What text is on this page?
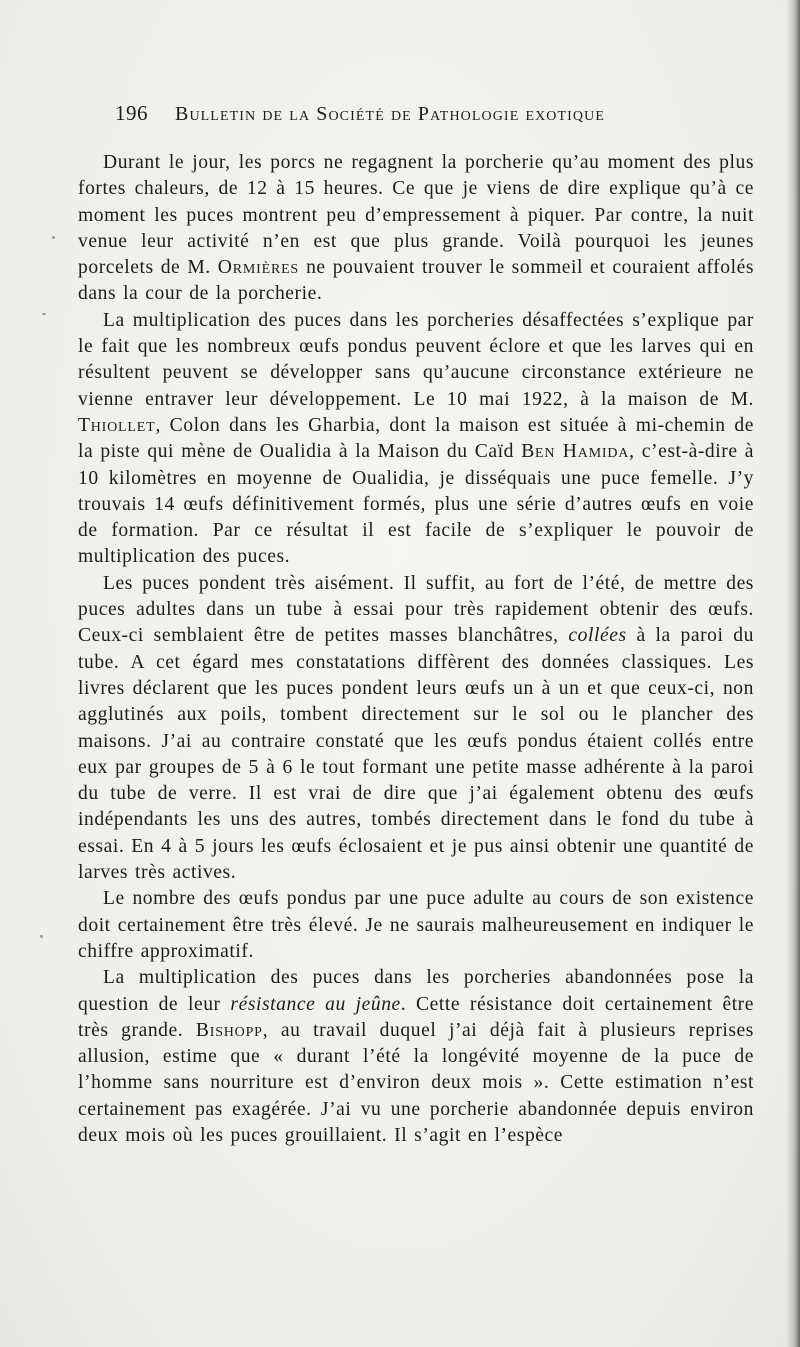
196 Bulletin de la Société de Pathologie exotique

Durant le jour, les porcs ne regagnent la porcherie qu’au moment des plus fortes chaleurs, de 12 à 15 heures. Ce que je viens de dire explique qu’à ce moment les puces montrent peu d’empressement à piquer. Par contre, la nuit venue leur activité n’en est que plus grande. Voilà pourquoi les jeunes porcelets de M. Ormières ne pouvaient trouver le sommeil et couraient affolés dans la cour de la porcherie.

La multiplication des puces dans les porcheries désaffectées s’explique par le fait que les nombreux œufs pondus peuvent éclore et que les larves qui en résultent peuvent se développer sans qu’aucune circonstance extérieure ne vienne entraver leur développement. Le 10 mai 1922, à la maison de M. Thiollet, Colon dans les Gharbia, dont la maison est située à mi-chemin de la piste qui mène de Oualidia à la Maison du Caïd Ben Hamida, c’est-à-dire à 10 kilomètres en moyenne de Oualidia, je disséquais une puce femelle. J’y trouvais 14 œufs définitivement formés, plus une série d’autres œufs en voie de formation. Par ce résultat il est facile de s’expliquer le pouvoir de multiplication des puces.

Les puces pondent très aisément. Il suffit, au fort de l’été, de mettre des puces adultes dans un tube à essai pour très rapidement obtenir des œufs. Ceux-ci semblaient être de petites masses blanchâtres, collées à la paroi du tube. A cet égard mes constatations diffèrent des données classiques. Les livres déclarent que les puces pondent leurs œufs un à un et que ceux-ci, non agglutinés aux poils, tombent directement sur le sol ou le plancher des maisons. J’ai au contraire constaté que les œufs pondus étaient collés entre eux par groupes de 5 à 6 le tout formant une petite masse adhérente à la paroi du tube de verre. Il est vrai de dire que j’ai également obtenu des œufs indépendants les uns des autres, tombés directement dans le fond du tube à essai. En 4 à 5 jours les œufs éclosaient et je pus ainsi obtenir une quantité de larves très actives.

Le nombre des œufs pondus par une puce adulte au cours de son existence doit certainement être très élevé. Je ne saurais malheureusement en indiquer le chiffre approximatif.

La multiplication des puces dans les porcheries abandonnées pose la question de leur résistance au jeûne. Cette résistance doit certainement être très grande. Bishopp, au travail duquel j’ai déjà fait à plusieurs reprises allusion, estime que « durant l’été la longévité moyenne de la puce de l’homme sans nourriture est d’environ deux mois ». Cette estimation n’est certainement pas exagérée. J’ai vu une porcherie abandonnée depuis environ deux mois où les puces grouillaient. Il s’agit en l’espèce
